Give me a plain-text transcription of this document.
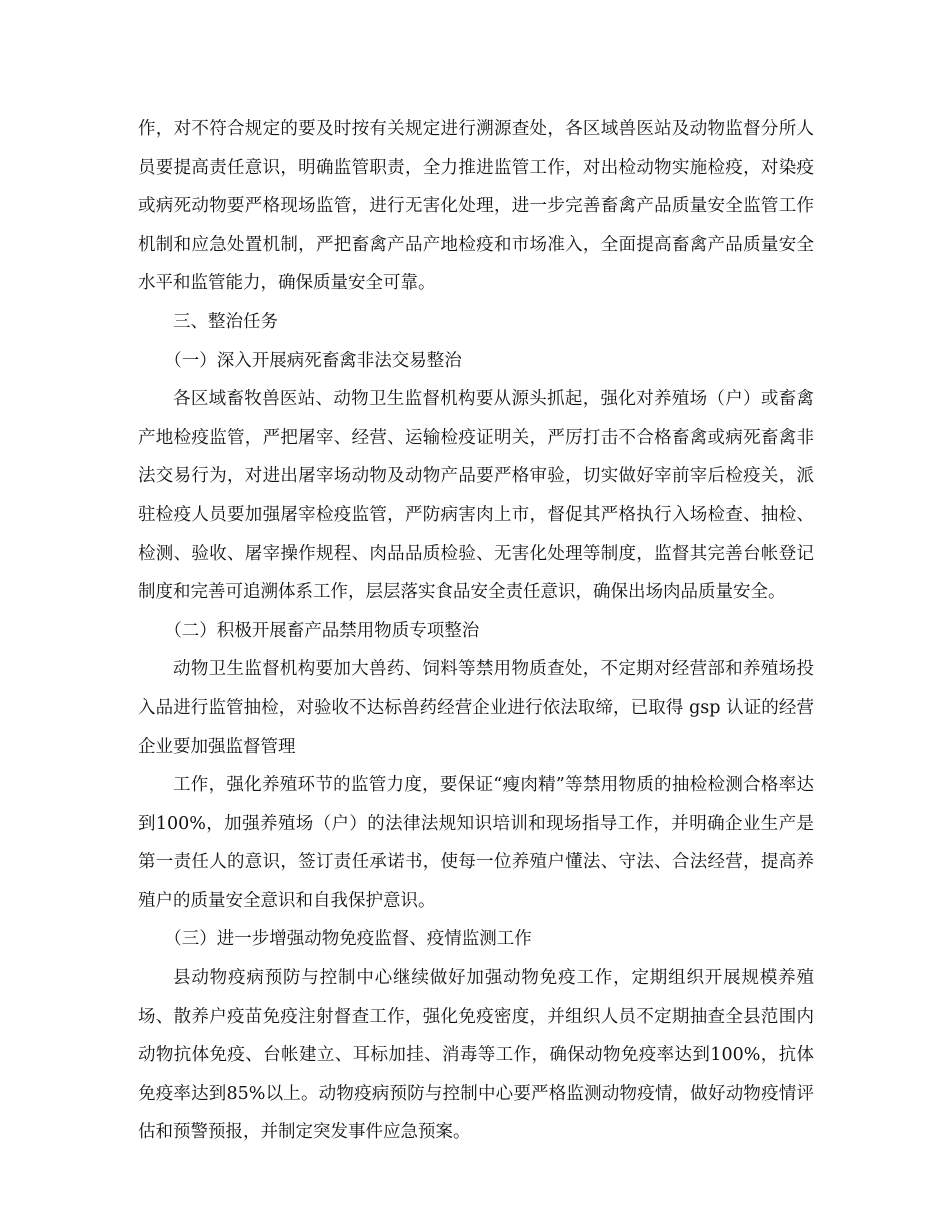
作，对不符合规定的要及时按有关规定进行溯源查处，各区域兽医站及动物监督分所人员要提高责任意识，明确监管职责，全力推进监管工作，对出检动物实施检疫，对染疫或病死动物要严格现场监管，进行无害化处理，进一步完善畜禽产品质量安全监管工作机制和应急处置机制，严把畜禽产品产地检疫和市场准入，全面提高畜禽产品质量安全水平和监管能力，确保质量安全可靠。

三、整治任务

（一）深入开展病死畜禽非法交易整治

各区域畜牧兽医站、动物卫生监督机构要从源头抓起，强化对养殖场（户）或畜禽产地检疫监管，严把屠宰、经营、运输检疫证明关，严厉打击不合格畜禽或病死畜禽非法交易行为，对进出屠宰场动物及动物产品要严格审验，切实做好宰前宰后检疫关，派驻检疫人员要加强屠宰检疫监管，严防病害肉上市，督促其严格执行入场检查、抽检、检测、验收、屠宰操作规程、肉品品质检验、无害化处理等制度，监督其完善台帐登记制度和完善可追溯体系工作，层层落实食品安全责任意识，确保出场肉品质量安全。

（二）积极开展畜产品禁用物质专项整治

动物卫生监督机构要加大兽药、饲料等禁用物质查处，不定期对经营部和养殖场投入品进行监管抽检，对验收不达标兽药经营企业进行依法取缔，已取得 gsp 认证的经营企业要加强监督管理

工作，强化养殖环节的监管力度，要保证“瘦肉精”等禁用物质的抽检检测合格率达到100%，加强养殖场（户）的法律法规知识培训和现场指导工作，并明确企业生产是第一责任人的意识，签订责任承诺书，使每一位养殖户懂法、守法、合法经营，提高养殖户的质量安全意识和自我保护意识。

（三）进一步增强动物免疫监督、疫情监测工作

县动物疫病预防与控制中心继续做好加强动物免疫工作，定期组织开展规模养殖场、散养户疫苗免疫注射督查工作，强化免疫密度，并组织人员不定期抽查全县范围内动物抗体免疫、台帐建立、耳标加挂、消毒等工作，确保动物免疫率达到100%，抗体免疫率达到85%以上。动物疫病预防与控制中心要严格监测动物疫情，做好动物疫情评估和预警预报，并制定突发事件应急预案。
